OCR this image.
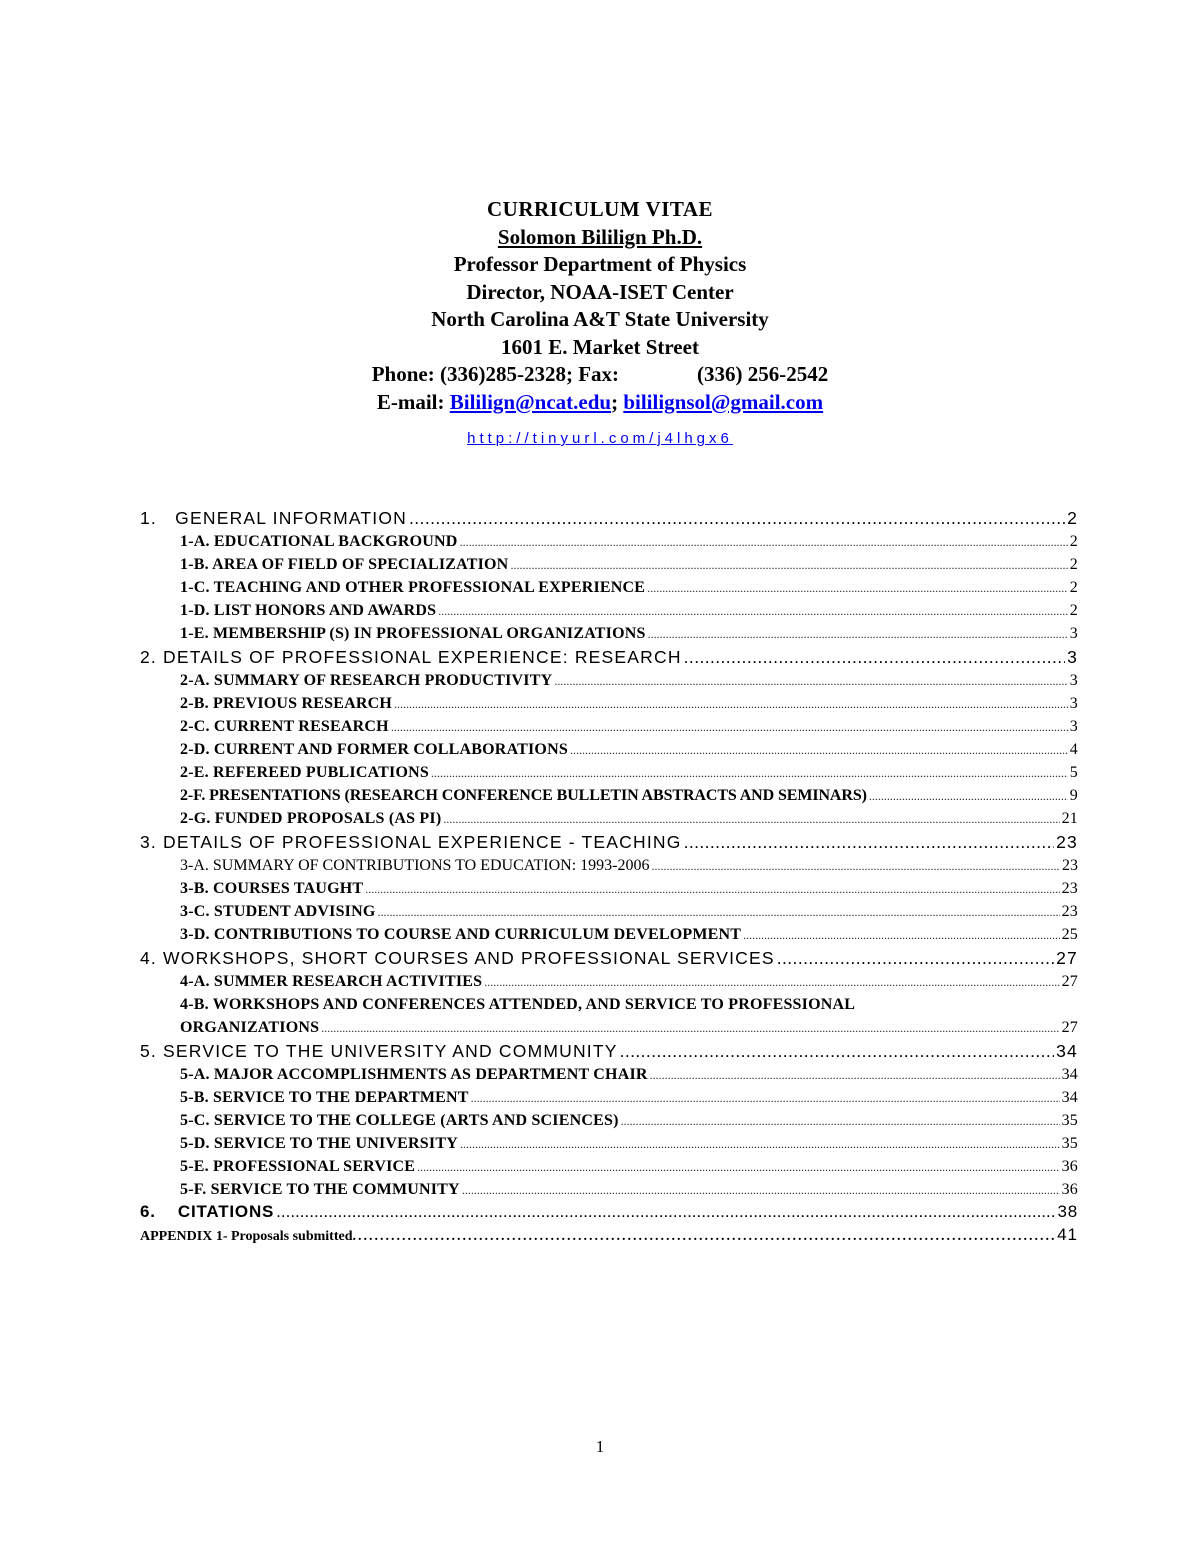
CURRICULUM VITAE
Solomon Bililign Ph.D.
Professor Department of Physics
Director, NOAA-ISET Center
North Carolina A&T State University
1601 E. Market Street
Phone: (336)285-2328; Fax:	(336) 256-2542
E-mail: Bililign@ncat.edu; bililignsol@gmail.com
http://tinyurl.com/j4lhgx6
1.   GENERAL INFORMATION .....	2
1-A. EDUCATIONAL BACKGROUND .....	2
1-B. AREA OF FIELD OF SPECIALIZATION .....	2
1-C. TEACHING AND OTHER PROFESSIONAL EXPERIENCE .....	2
1-D. LIST HONORS AND AWARDS .....	2
1-E. MEMBERSHIP (S) IN PROFESSIONAL ORGANIZATIONS .....	3
2. DETAILS OF PROFESSIONAL EXPERIENCE: RESEARCH .....	3
2-A. SUMMARY OF RESEARCH PRODUCTIVITY .....	3
2-B. PREVIOUS RESEARCH .....	3
2-C. CURRENT RESEARCH .....	3
2-D. CURRENT AND FORMER COLLABORATIONS .....	4
2-E. REFEREED PUBLICATIONS .....	5
2-F. PRESENTATIONS (RESEARCH CONFERENCE BULLETIN ABSTRACTS AND SEMINARS) .....	9
2-G. FUNDED PROPOSALS (AS PI) .....	21
3. DETAILS OF PROFESSIONAL EXPERIENCE - TEACHING .....	23
3-A. SUMMARY OF CONTRIBUTIONS TO EDUCATION: 1993-2006 .....	23
3-B. COURSES TAUGHT .....	23
3-C. STUDENT ADVISING .....	23
3-D. CONTRIBUTIONS TO COURSE AND CURRICULUM DEVELOPMENT .....	25
4. WORKSHOPS, SHORT COURSES AND PROFESSIONAL SERVICES .....	27
4-A. SUMMER RESEARCH ACTIVITIES .....	27
4-B. WORKSHOPS AND CONFERENCES ATTENDED, AND SERVICE TO PROFESSIONAL
ORGANIZATIONS .....	27
5. SERVICE TO THE UNIVERSITY AND COMMUNITY .....	34
5-A. MAJOR ACCOMPLISHMENTS AS DEPARTMENT CHAIR .....	34
5-B. SERVICE TO THE DEPARTMENT .....	34
5-C. SERVICE TO THE COLLEGE (ARTS AND SCIENCES) .....	35
5-D. SERVICE TO THE UNIVERSITY .....	35
5-E. PROFESSIONAL SERVICE .....	36
5-F. SERVICE TO THE COMMUNITY .....	36
6.    CITATIONS .....	38
APPENDIX 1- Proposals submitted. .....	41
1
